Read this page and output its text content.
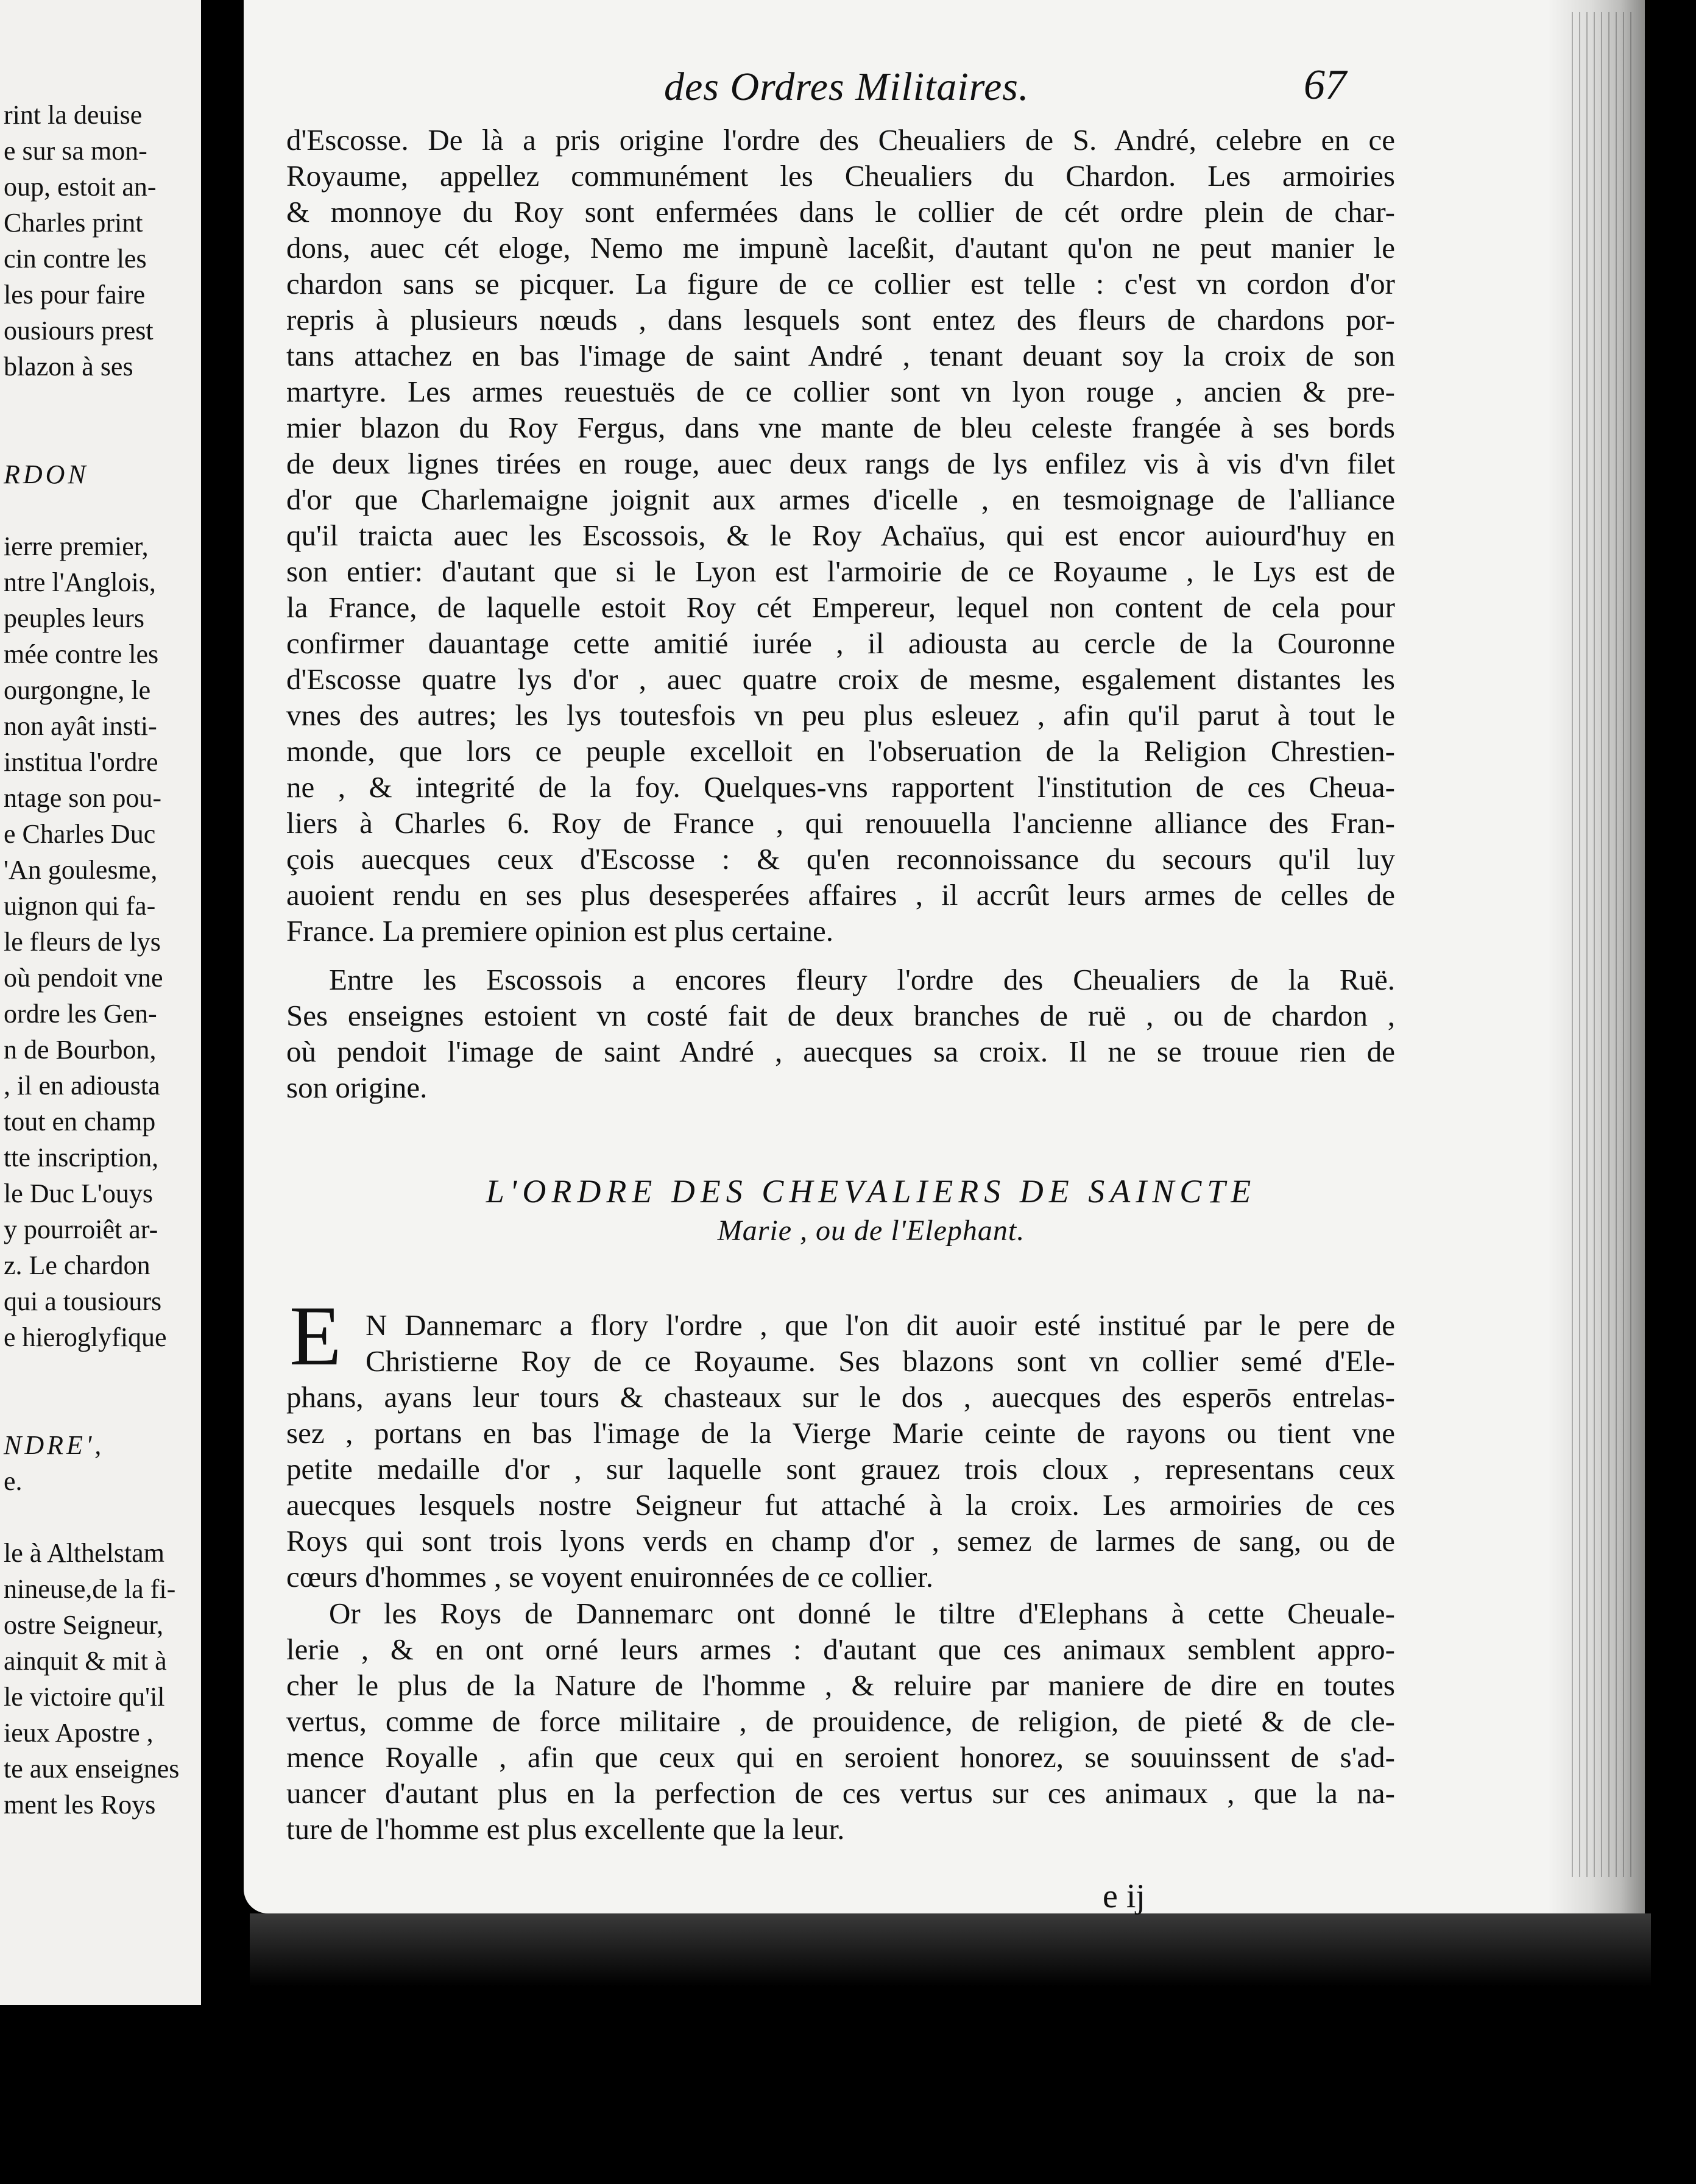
rint la deuise
e sur sa mon-
oup, estoit an-
Charles print
cin contre les
les pour faire
ousiours prest
blazon à ses
RDON
ierre premier,
ntre l'Anglois,
peuples leurs
mée contre les
ourgongne, le
non ayât insti-
institua l'ordre
ntage son pou-
e Charles Duc
'An goulesme,
uignon qui fa-
le fleurs de lys
où pendoit vne
ordre les Gen-
n de Bourbon,
, il en adiousta
tout en champ
tte inscription,
le Duc L'ouys
y pourroiêt ar-
z. Le chardon
qui a tousiours
e hieroglyfique
NDRE',
e.
le à Althelstam
nineuse,de la fi-
ostre Seigneur,
ainquit & mit à
le victoire qu'il
ieux Apostre ,
te aux enseignes
ment les Roys
des Ordres Militaires.	67
d'Escosse. De là a pris origine l'ordre des Cheualiers de S. André, celebre en ce
Royaume, appellez communément les Cheualiers du Chardon. Les armoiries
& monnoye du Roy sont enfermées dans le collier de cét ordre plein de char-
dons, auec cét eloge, Nemo me impunè laceßit, d'autant qu'on ne peut manier le
chardon sans se picquer. La figure de ce collier est telle : c'est vn cordon d'or
repris à plusieurs nœuds , dans lesquels sont entez des fleurs de chardons por-
tans attachez en bas l'image de saint André , tenant deuant soy la croix de son
martyre. Les armes reuestuës de ce collier sont vn lyon rouge , ancien & pre-
mier blazon du Roy Fergus, dans vne mante de bleu celeste frangée à ses bords
de deux lignes tirées en rouge, auec deux rangs de lys enfilez vis à vis d'vn filet
d'or que Charlemaigne joignit aux armes d'icelle , en tesmoignage de l'alliance
qu'il traicta auec les Escossois, & le Roy Achaïus, qui est encor auiourd'huy en
son entier: d'autant que si le Lyon est l'armoirie de ce Royaume , le Lys est de
la France, de laquelle estoit Roy cét Empereur, lequel non content de cela pour
confirmer dauantage cette amitié iurée , il adiousta au cercle de la Couronne
d'Escosse quatre lys d'or , auec quatre croix de mesme, esgalement distantes les
vnes des autres; les lys toutesfois vn peu plus esleuez , afin qu'il parut à tout le
monde, que lors ce peuple excelloit en l'obseruation de la Religion Chrestien-
ne , & integrité de la foy. Quelques-vns rapportent l'institution de ces Cheua-
liers à Charles 6. Roy de France , qui renouuella l'ancienne alliance des Fran-
çois auecques ceux d'Escosse : & qu'en reconnoissance du secours qu'il luy
auoient rendu en ses plus desesperées affaires , il accrût leurs armes de celles de
France. La premiere opinion est plus certaine.
Entre les Escossois a encores fleury l'ordre des Cheualiers de la Ruë.
Ses enseignes estoient vn costé fait de deux branches de ruë , ou de chardon ,
où pendoit l'image de saint André , auecques sa croix. Il ne se trouue rien de
son origine.
L'ORDRE DES CHEVALIERS DE SAINCTE
Marie , ou de l'Elephant.
E N Dannemarc a flory l'ordre , que l'on dit auoir esté institué par le pere de
Christierne Roy de ce Royaume. Ses blazons sont vn collier semé d'Ele-
phans, ayans leur tours & chasteaux sur le dos , auecques des esperōs entrelas-
sez , portans en bas l'image de la Vierge Marie ceinte de rayons ou tient vne
petite medaille d'or , sur laquelle sont grauez trois cloux , representans ceux
auecques lesquels nostre Seigneur fut attaché à la croix. Les armoiries de ces
Roys qui sont trois lyons verds en champ d'or , semez de larmes de sang, ou de
cœurs d'hommes , se voyent enuironnées de ce collier.
Or les Roys de Dannemarc ont donné le tiltre d'Elephans à cette Cheuale-
lerie , & en ont orné leurs armes : d'autant que ces animaux semblent appro-
cher le plus de la Nature de l'homme , & reluire par maniere de dire en toutes
vertus, comme de force militaire , de prouidence, de religion, de pieté & de cle-
mence Royalle , afin que ceux qui en seroient honorez, se souuinssent de s'ad-
uancer d'autant plus en la perfection de ces vertus sur ces animaux , que la na-
ture de l'homme est plus excellente que la leur.
e ij
